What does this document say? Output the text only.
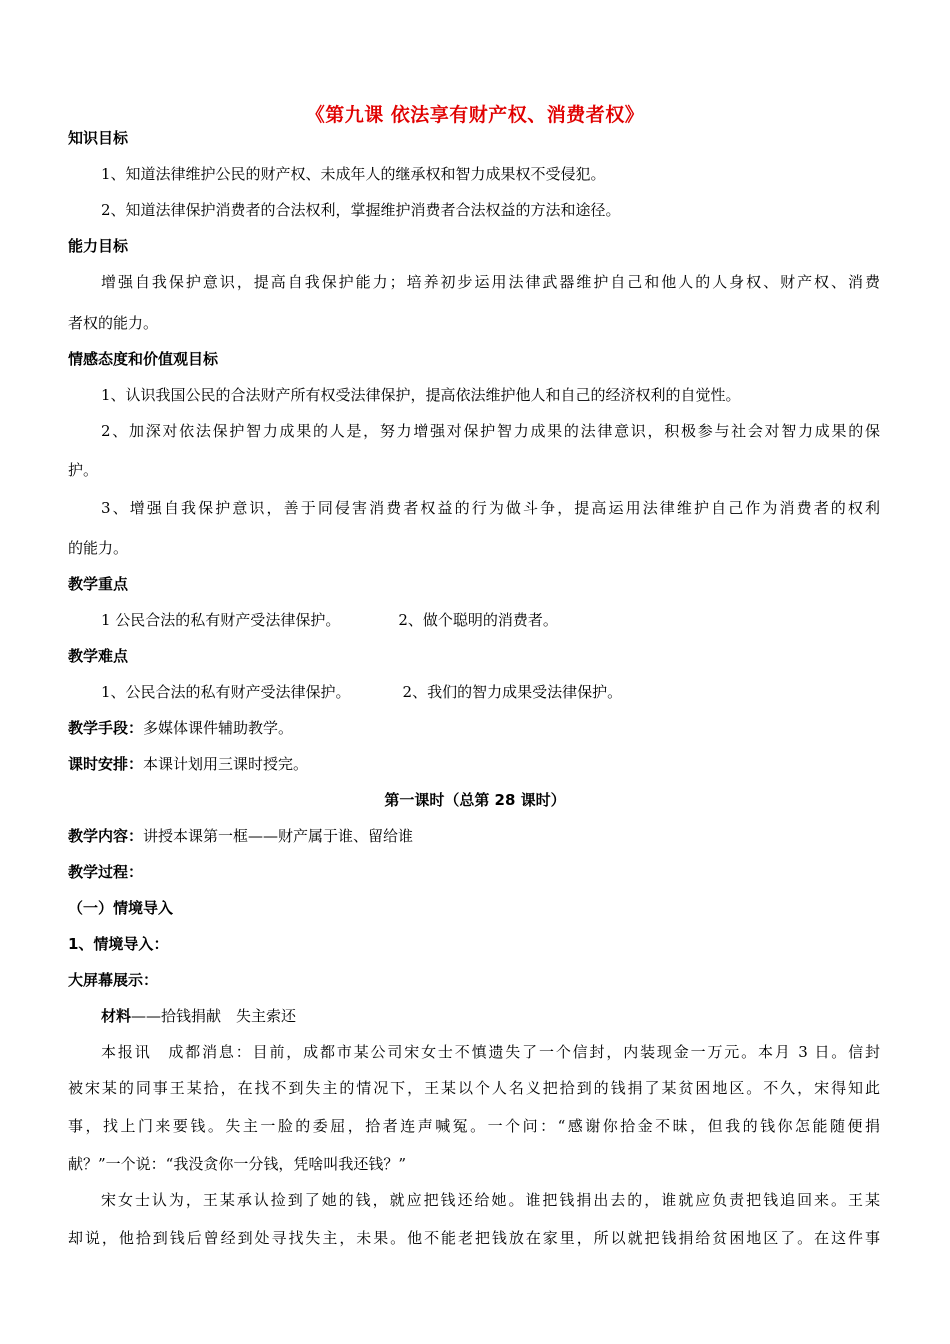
《第九课 依法享有财产权、消费者权》
知识目标
1、知道法律维护公民的财产权、未成年人的继承权和智力成果权不受侵犯。
2、知道法律保护消费者的合法权利，掌握维护消费者合法权益的方法和途径。
能力目标
增强自我保护意识，提高自我保护能力；培养初步运用法律武器维护自己和他人的人身权、财产权、消费
者权的能力。
情感态度和价值观目标
1、认识我国公民的合法财产所有权受法律保护，提高依法维护他人和自己的经济权利的自觉性。
2、加深对依法保护智力成果的人是，努力增强对保护智力成果的法律意识，积极参与社会对智力成果的保
护。
3、增强自我保护意识，善于同侵害消费者权益的行为做斗争，提高运用法律维护自己作为消费者的权利
的能力。
教学重点
1 公民合法的私有财产受法律保护。	2、做个聪明的消费者。
教学难点
1、公民合法的私有财产受法律保护。	2、我们的智力成果受法律保护。
教学手段：多媒体课件辅助教学。
课时安排：本课计划用三课时授完。
第一课时（总第 28 课时）
教学内容：讲授本课第一框——财产属于谁、留给谁
教学过程：
（一）情境导入
1、情境导入：
大屏幕展示：
材料——拾钱捐献　失主索还
本报讯　成都消息：目前，成都市某公司宋女士不慎遗失了一个信封，内装现金一万元。本月 3 日。信封
被宋某的同事王某拾，在找不到失主的情况下，王某以个人名义把拾到的钱捐了某贫困地区。不久，宋得知此
事，找上门来要钱。失主一脸的委屈，拾者连声喊冤。一个问：“感谢你拾金不昧，但我的钱你怎能随便捐
献？”一个说：“我没贪你一分钱，凭啥叫我还钱？”
宋女士认为，王某承认捡到了她的钱，就应把钱还给她。谁把钱捐出去的，谁就应负责把钱追回来。王某
却说，他拾到钱后曾经到处寻找失主，未果。他不能老把钱放在家里，所以就把钱捐给贫困地区了。在这件事
